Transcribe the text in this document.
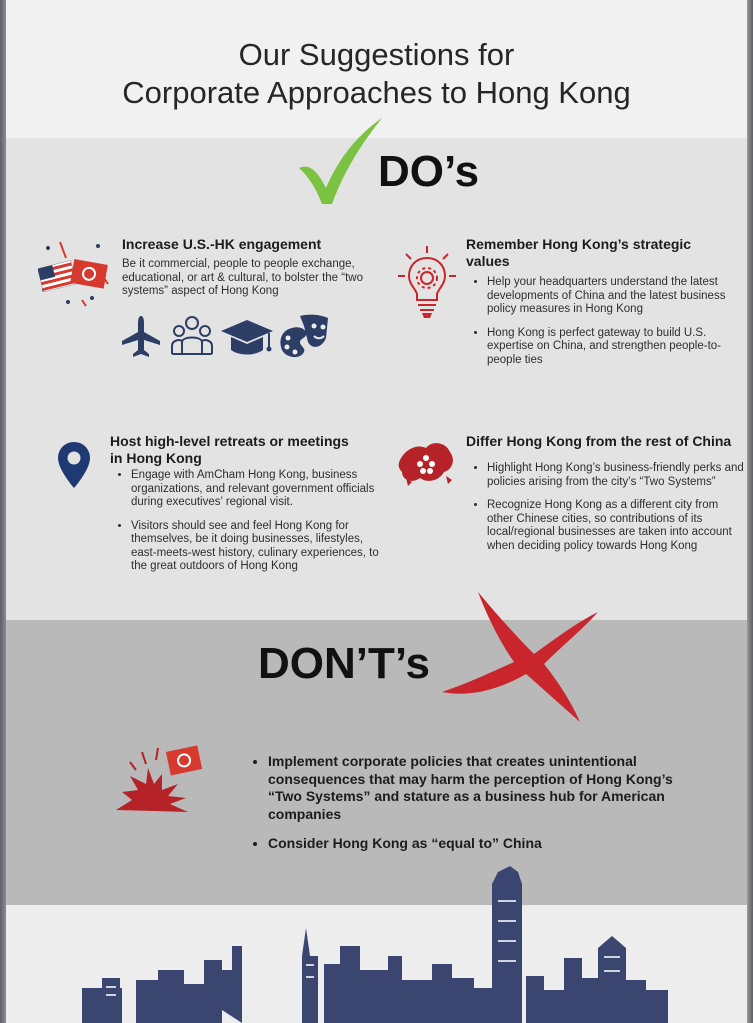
Our Suggestions for
Corporate Approaches to Hong Kong
DO’s
Increase U.S.-HK engagement
Be it commercial, people to people exchange, educational, or art & cultural, to bolster the “two systems” aspect of Hong Kong
Remember Hong Kong’s strategic values
• Help your headquarters understand the latest developments of China and the latest business policy measures in Hong Kong
• Hong Kong is perfect gateway to build U.S. expertise on China, and strengthen people-to-people ties
Host high-level retreats or meetings in Hong Kong
• Engage with AmCham Hong Kong, business organizations, and relevant government officials during executives’ regional visit.
• Visitors should see and feel Hong Kong for themselves, be it doing businesses, lifestyles, east-meets-west history, culinary experiences, to the great outdoors of Hong Kong
Differ Hong Kong from the rest of China
• Highlight Hong Kong’s business-friendly perks and policies arising from the city’s “Two Systems”
• Recognize Hong Kong as a different city from other Chinese cities, so contributions of its local/regional businesses are taken into account when deciding policy towards Hong Kong
DON’T’s
• Implement corporate policies that creates unintentional consequences that may harm the perception of Hong Kong’s “Two Systems” and stature as a business hub for American companies
• Consider Hong Kong as “equal to” China
